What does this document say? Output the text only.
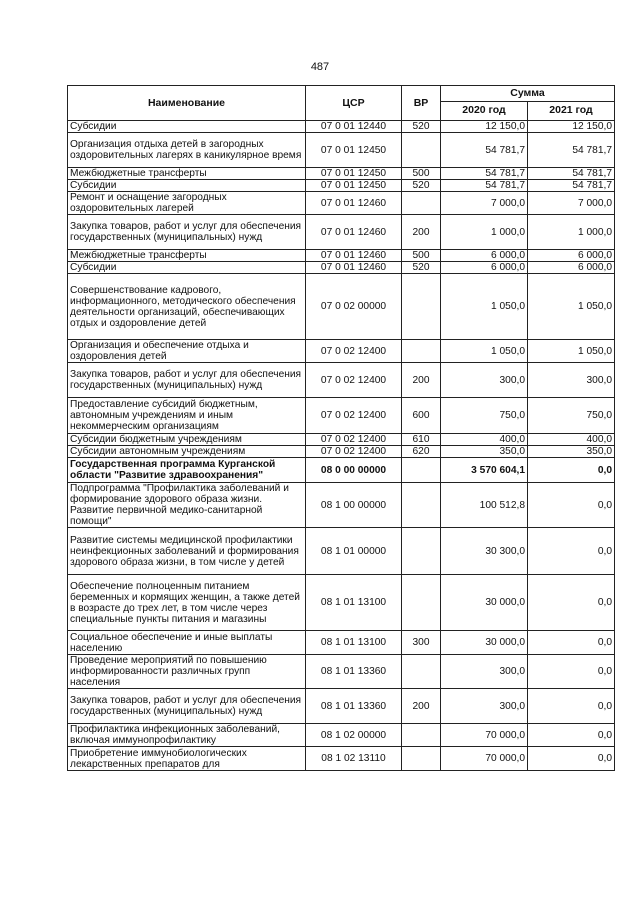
487
Наименование	ЦСР	ВР	Сумма	
			2020 год	2021 год
Субсидии	07 0 01 12440	520	12 150,0	12 150,0
Организация отдыха детей в загородных оздоровительных лагерях в каникулярное время	07 0 01 12450		54 781,7	54 781,7
Межбюджетные трансферты	07 0 01 12450	500	54 781,7	54 781,7
Субсидии	07 0 01 12450	520	54 781,7	54 781,7
Ремонт и оснащение загородных оздоровительных лагерей	07 0 01 12460		7 000,0	7 000,0
Закупка товаров, работ и услуг для обеспечения государственных (муниципальных) нужд	07 0 01 12460	200	1 000,0	1 000,0
Межбюджетные трансферты	07 0 01 12460	500	6 000,0	6 000,0
Субсидии	07 0 01 12460	520	6 000,0	6 000,0
Совершенствование кадрового, информационного, методического обеспечения деятельности организаций, обеспечивающих отдых и оздоровление детей	07 0 02 00000		1 050,0	1 050,0
Организация и обеспечение отдыха и оздоровления детей	07 0 02 12400		1 050,0	1 050,0
Закупка товаров, работ и услуг для обеспечения государственных (муниципальных) нужд	07 0 02 12400	200	300,0	300,0
Предоставление субсидий бюджетным, автономным учреждениям и иным некоммерческим организациям	07 0 02 12400	600	750,0	750,0
Субсидии бюджетным учреждениям	07 0 02 12400	610	400,0	400,0
Субсидии автономным учреждениям	07 0 02 12400	620	350,0	350,0
Государственная программа Курганской области "Развитие здравоохранения"	08 0 00 00000		3 570 604,1	0,0
Подпрограмма "Профилактика заболеваний и формирование здорового образа жизни. Развитие первичной медико-санитарной помощи"	08 1 00 00000		100 512,8	0,0
Развитие системы медицинской профилактики неинфекционных заболеваний и формирования здорового образа жизни, в том числе у детей	08 1 01 00000		30 300,0	0,0
Обеспечение полноценным питанием беременных и кормящих женщин, а также детей в возрасте до трех лет, в том числе через специальные пункты питания и магазины	08 1 01 13100		30 000,0	0,0
Социальное обеспечение и иные выплаты населению	08 1 01 13100	300	30 000,0	0,0
Проведение мероприятий по повышению информированности различных групп населения	08 1 01 13360		300,0	0,0
Закупка товаров, работ и услуг для обеспечения государственных (муниципальных) нужд	08 1 01 13360	200	300,0	0,0
Профилактика инфекционных заболеваний, включая иммунопрофилактику	08 1 02 00000		70 000,0	0,0
Приобретение иммунобиологических лекарственных препаратов для	08 1 02 13110		70 000,0	0,0
